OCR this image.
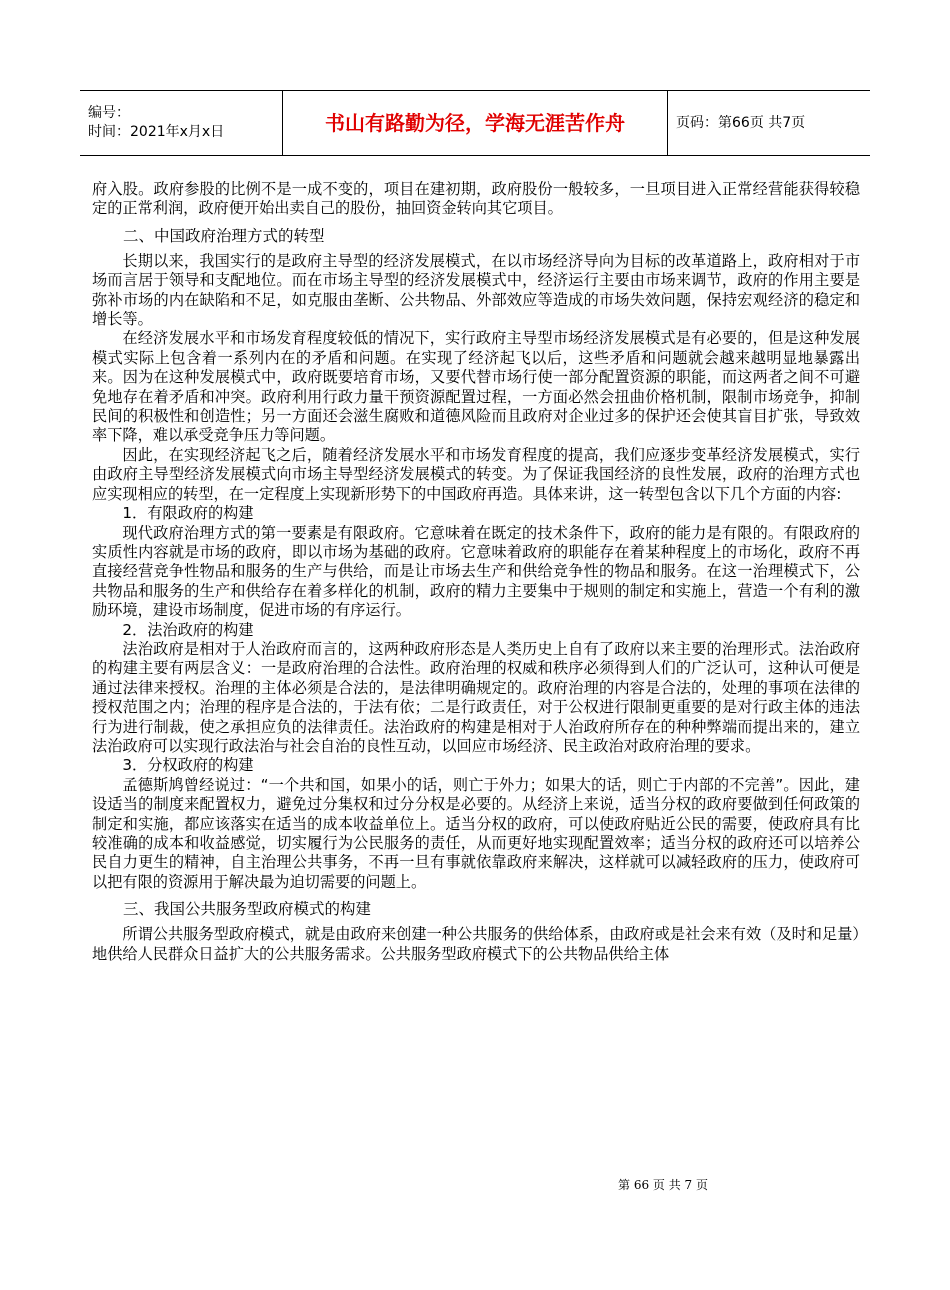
编号：
时间：2021年x月x日	书山有路勤为径，学海无涯苦作舟	页码：第66页 共7页

府入股。政府参股的比例不是一成不变的，项目在建初期，政府股份一般较多，一旦项目进入正常经营能获得较稳定的正常利润，政府便开始出卖自己的股份，抽回资金转向其它项目。

二、中国政府治理方式的转型

长期以来，我国实行的是政府主导型的经济发展模式，在以市场经济导向为目标的改革道路上，政府相对于市场而言居于领导和支配地位。而在市场主导型的经济发展模式中，经济运行主要由市场来调节，政府的作用主要是弥补市场的内在缺陷和不足，如克服由垄断、公共物品、外部效应等造成的市场失效问题，保持宏观经济的稳定和增长等。

在经济发展水平和市场发育程度较低的情况下，实行政府主导型市场经济发展模式是有必要的，但是这种发展模式实际上包含着一系列内在的矛盾和问题。在实现了经济起飞以后，这些矛盾和问题就会越来越明显地暴露出来。因为在这种发展模式中，政府既要培育市场，又要代替市场行使一部分配置资源的职能，而这两者之间不可避免地存在着矛盾和冲突。政府利用行政力量干预资源配置过程，一方面必然会扭曲价格机制，限制市场竞争，抑制民间的积极性和创造性；另一方面还会滋生腐败和道德风险而且政府对企业过多的保护还会使其盲目扩张，导致效率下降，难以承受竞争压力等问题。

因此，在实现经济起飞之后，随着经济发展水平和市场发育程度的提高，我们应逐步变革经济发展模式，实行由政府主导型经济发展模式向市场主导型经济发展模式的转变。为了保证我国经济的良性发展，政府的治理方式也应实现相应的转型，在一定程度上实现新形势下的中国政府再造。具体来讲，这一转型包含以下几个方面的内容:

1．有限政府的构建

现代政府治理方式的第一要素是有限政府。它意味着在既定的技术条件下，政府的能力是有限的。有限政府的实质性内容就是市场的政府，即以市场为基础的政府。它意味着政府的职能存在着某种程度上的市场化，政府不再直接经营竞争性物品和服务的生产与供给，而是让市场去生产和供给竞争性的物品和服务。在这一治理模式下，公共物品和服务的生产和供给存在着多样化的机制，政府的精力主要集中于规则的制定和实施上，营造一个有利的激励环境，建设市场制度，促进市场的有序运行。

2．法治政府的构建

法治政府是相对于人治政府而言的，这两种政府形态是人类历史上自有了政府以来主要的治理形式。法治政府的构建主要有两层含义：一是政府治理的合法性。政府治理的权威和秩序必须得到人们的广泛认可，这种认可便是通过法律来授权。治理的主体必须是合法的，是法律明确规定的。政府治理的内容是合法的，处理的事项在法律的授权范围之内；治理的程序是合法的，于法有依；二是行政责任，对于公权进行限制更重要的是对行政主体的违法行为进行制裁，使之承担应负的法律责任。法治政府的构建是相对于人治政府所存在的种种弊端而提出来的，建立法治政府可以实现行政法治与社会自治的良性互动，以回应市场经济、民主政治对政府治理的要求。

3．分权政府的构建

孟德斯鸠曾经说过：“一个共和国，如果小的话，则亡于外力；如果大的话，则亡于内部的不完善”。因此，建设适当的制度来配置权力，避免过分集权和过分分权是必要的。从经济上来说，适当分权的政府要做到任何政策的制定和实施，都应该落实在适当的成本收益单位上。适当分权的政府，可以使政府贴近公民的需要，使政府具有比较准确的成本和收益感觉，切实履行为公民服务的责任，从而更好地实现配置效率；适当分权的政府还可以培养公民自力更生的精神，自主治理公共事务，不再一旦有事就依靠政府来解决，这样就可以减轻政府的压力，使政府可以把有限的资源用于解决最为迫切需要的问题上。

三、我国公共服务型政府模式的构建

所谓公共服务型政府模式，就是由政府来创建一种公共服务的供给体系，由政府或是社会来有效（及时和足量）地供给人民群众日益扩大的公共服务需求。公共服务型政府模式下的公共物品供给主体

第 66 页 共 7 页
